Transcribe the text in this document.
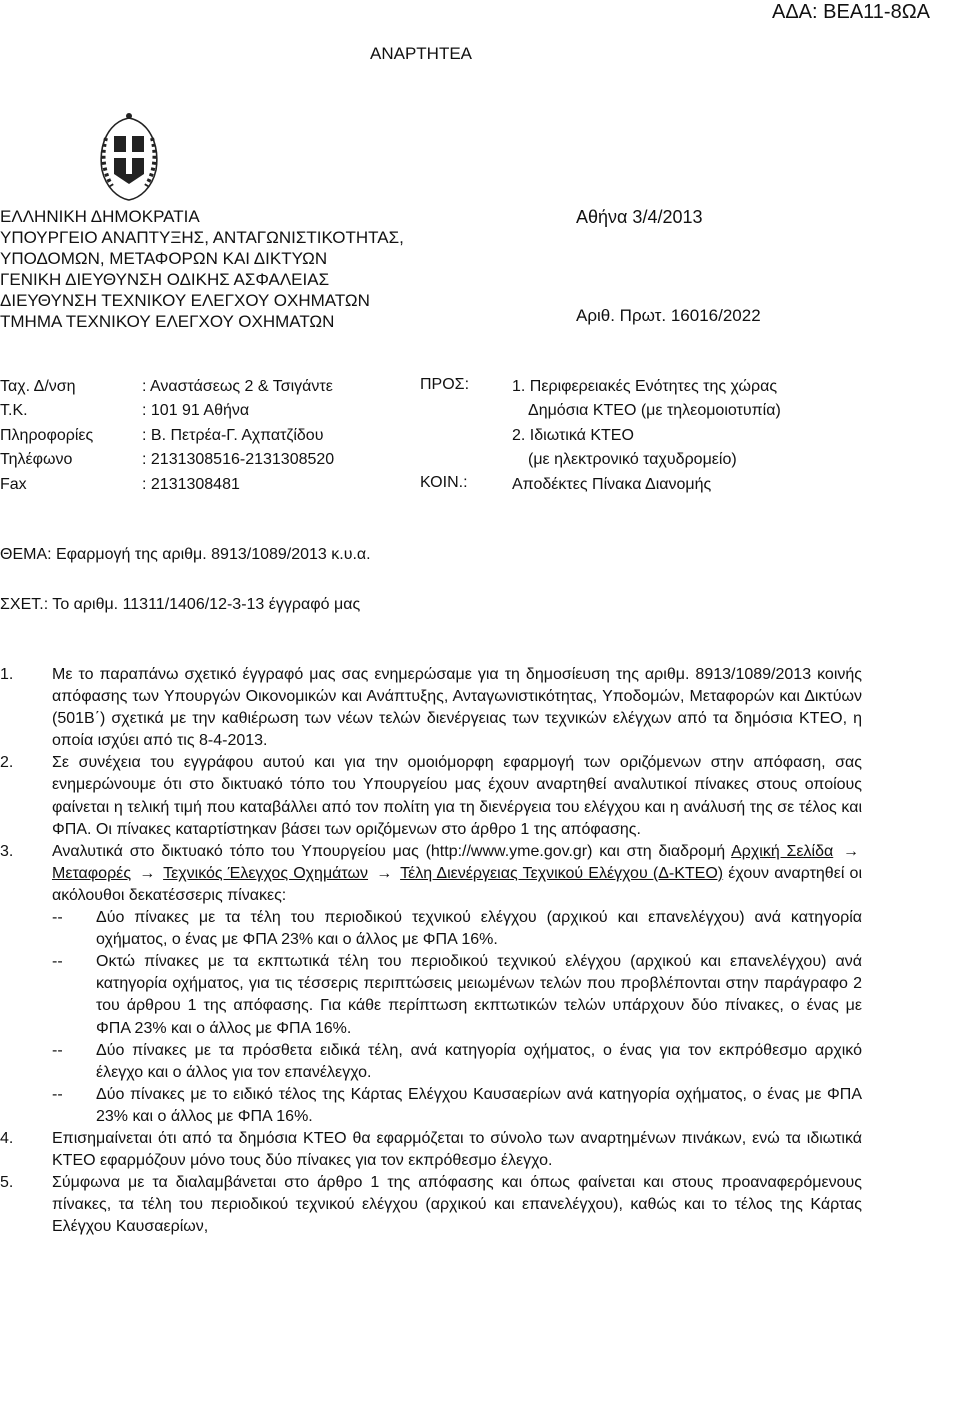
ΑΔΑ: ΒΕΑ11-8ΩΑ
ΑΝΑΡΤΗΤΕΑ
ΕΛΛΗΝΙΚΗ ΔΗΜΟΚΡΑΤΙΑ
ΥΠΟΥΡΓΕΙΟ ΑΝΑΠΤΥΞΗΣ, ΑΝΤΑΓΩΝΙΣΤΙΚΟΤΗΤΑΣ,
ΥΠΟΔΟΜΩΝ, ΜΕΤΑΦΟΡΩΝ ΚΑΙ ΔΙΚΤΥΩΝ
ΓΕΝΙΚΗ ΔΙΕΥΘΥΝΣΗ ΟΔΙΚΗΣ ΑΣΦΑΛΕΙΑΣ
ΔΙΕΥΘΥΝΣΗ ΤΕΧΝΙΚΟΥ ΕΛΕΓΧΟΥ ΟΧΗΜΑΤΩΝ
ΤΜΗΜΑ ΤΕΧΝΙΚΟΥ ΕΛΕΓΧΟΥ ΟΧΗΜΑΤΩΝ
Αθήνα 3/4/2013
Αριθ. Πρωτ. 16016/2022
Ταχ. Δ/νση	: Αναστάσεως 2 & Τσιγάντε
Τ.Κ.	: 101 91 Αθήνα
Πληροφορίες	: Β. Πετρέα-Γ. Αχπατζίδου
Τηλέφωνο	: 2131308516-2131308520
Fax	: 2131308481
ΠΡΟΣ:	1. Περιφερειακές Ενότητες της χώρας
Δημόσια ΚΤΕΟ (με τηλεομοιοτυπία)
2. Ιδιωτικά ΚΤΕΟ
(με ηλεκτρονικό ταχυδρομείο)
ΚΟΙΝ.:	Αποδέκτες Πίνακα Διανομής
ΘΕΜΑ: Εφαρμογή της αριθμ. 8913/1089/2013 κ.υ.α.
ΣΧΕΤ.: Το αριθμ. 11311/1406/12-3-13 έγγραφό μας
1. Με το παραπάνω σχετικό έγγραφό μας σας ενημερώσαμε για τη δημοσίευση της αριθμ. 8913/1089/2013 κοινής απόφασης των Υπουργών Οικονομικών και Ανάπτυξης, Ανταγωνιστικότητας, Υποδομών, Μεταφορών και Δικτύων (501Β΄) σχετικά με την καθιέρωση των νέων τελών διενέργειας των τεχνικών ελέγχων από τα δημόσια ΚΤΕΟ, η οποία ισχύει από τις 8-4-2013.
2. Σε συνέχεια του εγγράφου αυτού και για την ομοιόμορφη εφαρμογή των οριζόμενων στην απόφαση, σας ενημερώνουμε ότι στο δικτυακό τόπο του Υπουργείου μας έχουν αναρτηθεί αναλυτικοί πίνακες στους οποίους φαίνεται η τελική τιμή που καταβάλλει από τον πολίτη για τη διενέργεια του ελέγχου και η ανάλυσή της σε τέλος και ΦΠΑ. Οι πίνακες καταρτίστηκαν βάσει των οριζόμενων στο άρθρο 1 της απόφασης.
3. Αναλυτικά στο δικτυακό τόπο του Υπουργείου μας (http://www.yme.gov.gr) και στη διαδρομή Αρχική Σελίδα → Μεταφορές → Τεχνικός Έλεγχος Οχημάτων → Τέλη Διενέργειας Τεχνικού Ελέγχου (Δ-ΚΤΕΟ) έχουν αναρτηθεί οι ακόλουθοι δεκατέσσερις πίνακες:
-- Δύο πίνακες με τα τέλη του περιοδικού τεχνικού ελέγχου (αρχικού και επανελέγχου) ανά κατηγορία οχήματος, ο ένας με ΦΠΑ 23% και ο άλλος με ΦΠΑ 16%.
-- Οκτώ πίνακες με τα εκπτωτικά τέλη του περιοδικού τεχνικού ελέγχου (αρχικού και επανελέγχου) ανά κατηγορία οχήματος, για τις τέσσερις περιπτώσεις μειωμένων τελών που προβλέπονται στην παράγραφο 2 του άρθρου 1 της απόφασης. Για κάθε περίπτωση εκπτωτικών τελών υπάρχουν δύο πίνακες, ο ένας με ΦΠΑ 23% και ο άλλος με ΦΠΑ 16%.
-- Δύο πίνακες με τα πρόσθετα ειδικά τέλη, ανά κατηγορία οχήματος, ο ένας για τον εκπρόθεσμο αρχικό έλεγχο και ο άλλος για τον επανέλεγχο.
-- Δύο πίνακες με το ειδικό τέλος της Κάρτας Ελέγχου Καυσαερίων ανά κατηγορία οχήματος, ο ένας με ΦΠΑ 23% και ο άλλος με ΦΠΑ 16%.
4. Επισημαίνεται ότι από τα δημόσια ΚΤΕΟ θα εφαρμόζεται το σύνολο των αναρτημένων πινάκων, ενώ τα ιδιωτικά ΚΤΕΟ εφαρμόζουν μόνο τους δύο πίνακες για τον εκπρόθεσμο έλεγχο.
5. Σύμφωνα με τα διαλαμβάνεται στο άρθρο 1 της απόφασης και όπως φαίνεται και στους προαναφερόμενους πίνακες, τα τέλη του περιοδικού τεχνικού ελέγχου (αρχικού και επανελέγχου), καθώς και το τέλος της Κάρτας Ελέγχου Καυσαερίων,
